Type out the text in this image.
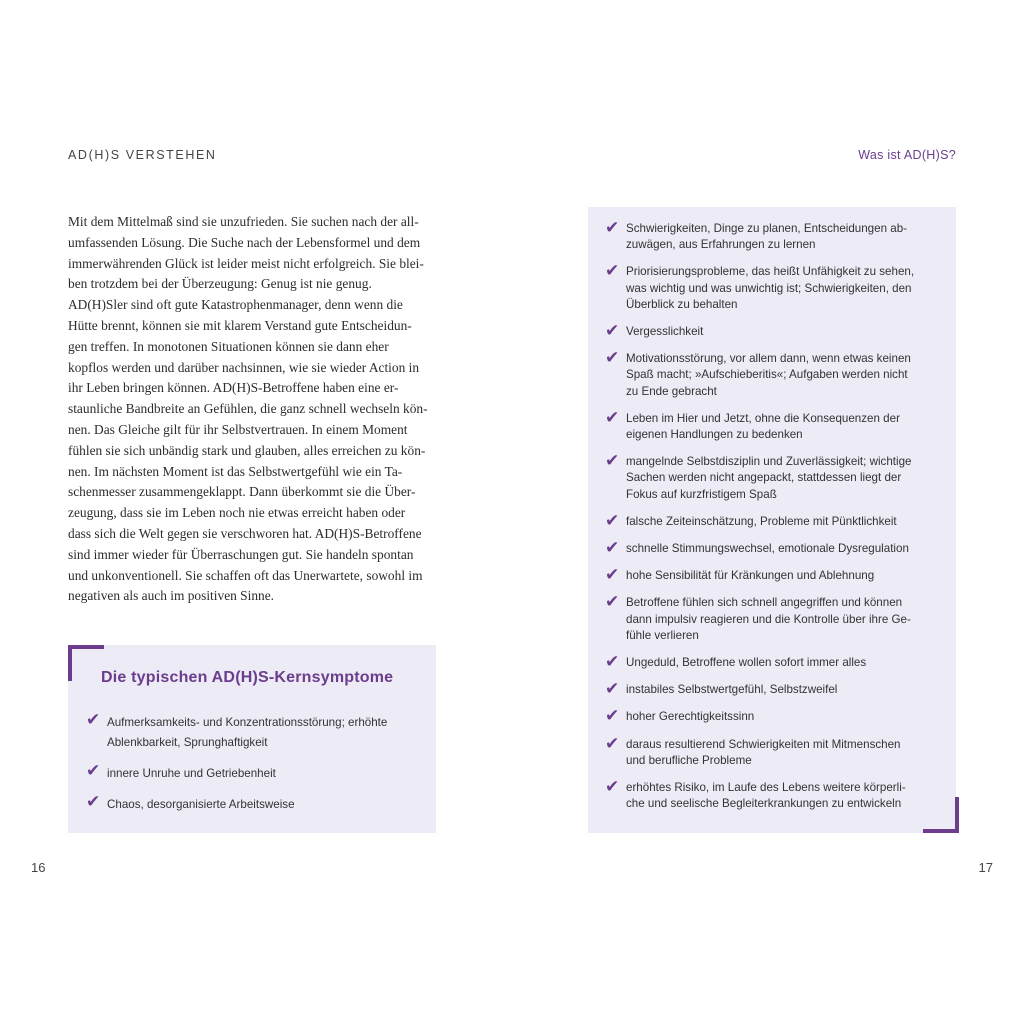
AD(H)S VERSTEHEN
Mit dem Mittelmaß sind sie unzufrieden. Sie suchen nach der all-
umfassenden Lösung. Die Suche nach der Lebensformel und dem
immerwährenden Glück ist leider meist nicht erfolgreich. Sie blei-
ben trotzdem bei der Überzeugung: Genug ist nie genug.
AD(H)Sler sind oft gute Katastrophenmanager, denn wenn die
Hütte brennt, können sie mit klarem Verstand gute Entscheidun-
gen treffen. In monotonen Situationen können sie dann eher
kopflos werden und darüber nachsinnen, wie sie wieder Action in
ihr Leben bringen können. AD(H)S-Betroffene haben eine er-
staunliche Bandbreite an Gefühlen, die ganz schnell wechseln kön-
nen. Das Gleiche gilt für ihr Selbstvertrauen. In einem Moment
fühlen sie sich unbändig stark und glauben, alles erreichen zu kön-
nen. Im nächsten Moment ist das Selbstwertgefühl wie ein Ta-
schenmesser zusammengeklappt. Dann überkommt sie die Über-
zeugung, dass sie im Leben noch nie etwas erreicht haben oder
dass sich die Welt gegen sie verschworen hat. AD(H)S-Betroffene
sind immer wieder für Überraschungen gut. Sie handeln spontan
und unkonventionell. Sie schaffen oft das Unerwartete, sowohl im
negativen als auch im positiven Sinne.
Die typischen AD(H)S-Kernsymptome
✔ Aufmerksamkeits- und Konzentrationsstörung; erhöhte
Ablenkbarkeit, Sprunghaftigkeit
✔ innere Unruhe und Getriebenheit
✔ Chaos, desorganisierte Arbeitsweise
16
Was ist AD(H)S?
✔ Schwierigkeiten, Dinge zu planen, Entscheidungen ab-
zuwägen, aus Erfahrungen zu lernen
✔ Priorisierungsprobleme, das heißt Unfähigkeit zu sehen,
was wichtig und was unwichtig ist; Schwierigkeiten, den
Überblick zu behalten
✔ Vergesslichkeit
✔ Motivationsstörung, vor allem dann, wenn etwas keinen
Spaß macht; »Aufschieberitis«; Aufgaben werden nicht
zu Ende gebracht
✔ Leben im Hier und Jetzt, ohne die Konsequenzen der
eigenen Handlungen zu bedenken
✔ mangelnde Selbstdisziplin und Zuverlässigkeit; wichtige
Sachen werden nicht angepackt, stattdessen liegt der
Fokus auf kurzfristigem Spaß
✔ falsche Zeiteinschätzung, Probleme mit Pünktlichkeit
✔ schnelle Stimmungswechsel, emotionale Dysregulation
✔ hohe Sensibilität für Kränkungen und Ablehnung
✔ Betroffene fühlen sich schnell angegriffen und können
dann impulsiv reagieren und die Kontrolle über ihre Ge-
fühle verlieren
✔ Ungeduld, Betroffene wollen sofort immer alles
✔ instabiles Selbstwertgefühl, Selbstzweifel
✔ hoher Gerechtigkeitssinn
✔ daraus resultierend Schwierigkeiten mit Mitmenschen
und berufliche Probleme
✔ erhöhtes Risiko, im Laufe des Lebens weitere körperli-
che und seelische Begleiterkrankungen zu entwickeln
17
